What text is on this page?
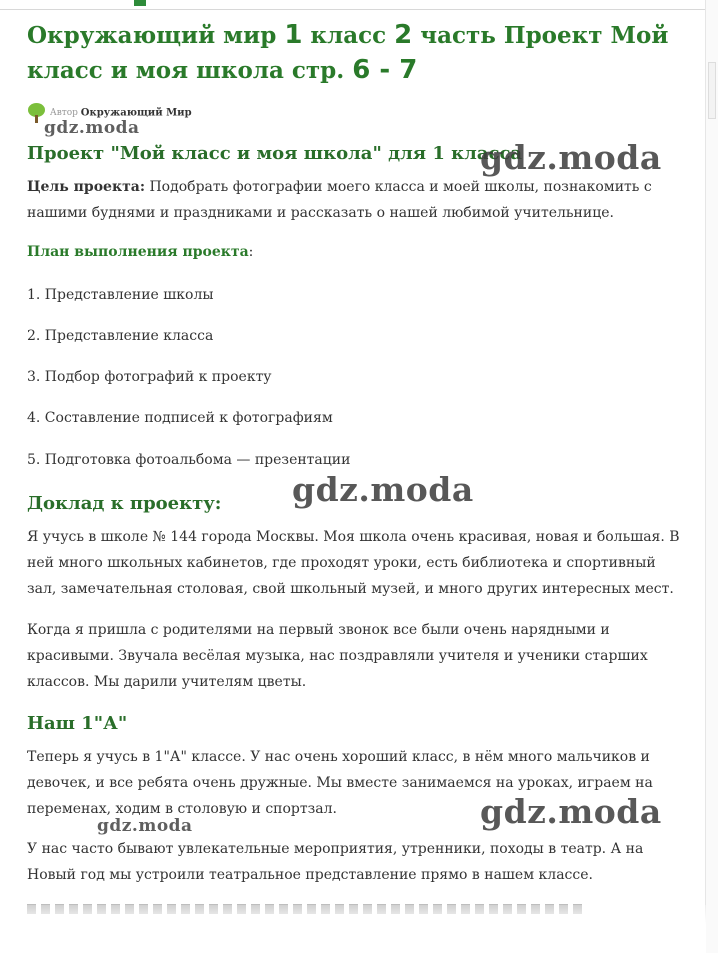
Окружающий мир 1 класс 2 часть Проект Мой класс и моя школа стр. 6 - 7
Автор Окружающий Мир
Проект "Мой класс и моя школа" для 1 класса

Цель проекта: Подобрать фотографии моего класса и моей школы, познакомить с нашими буднями и праздниками и рассказать о нашей любимой учительнице.

План выполнения проекта:

1. Представление школы

2. Представление класса

3. Подбор фотографий к проекту

4. Составление подписей к фотографиям

5. Подготовка фотоальбома — презентации

Доклад к проекту:

Я учусь в школе № 144 города Москвы. Моя школа очень красивая, новая и большая. В ней много школьных кабинетов, где проходят уроки, есть библиотека и спортивный зал, замечательная столовая, свой школьный музей, и много других интересных мест.

Когда я пришла с родителями на первый звонок все были очень нарядными и красивыми. Звучала весёлая музыка, нас поздравляли учителя и ученики старших классов. Мы дарили учителям цветы.

Наш 1"А"

Теперь я учусь в 1"А" классе. У нас очень хороший класс, в нём много мальчиков и девочек, и все ребята очень дружные. Мы вместе занимаемся на уроках, играем на переменах, ходим в столовую и спортзал.

У нас часто бывают увлекательные мероприятия, утренники, походы в театр. А на Новый год мы устроили театральное представление прямо в нашем классе.

gdz.moda
gdz.moda
gdz.moda
gdz.moda
gdz.moda
